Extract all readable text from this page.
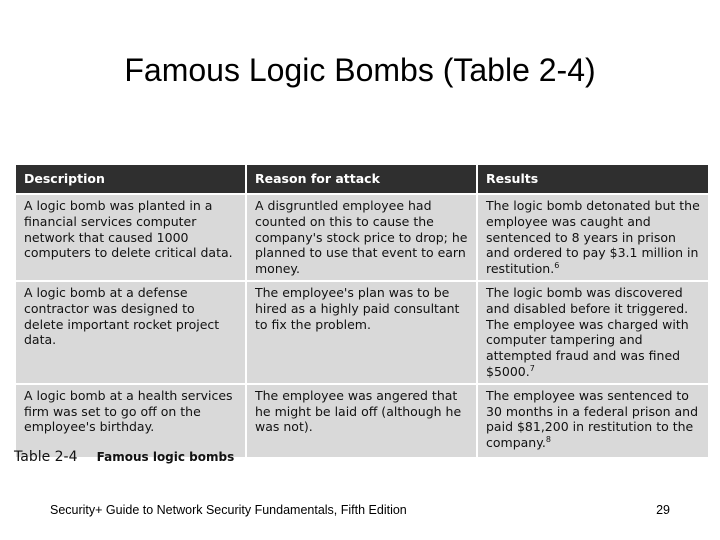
Famous Logic Bombs (Table 2-4)
Description	Reason for attack	Results
A logic bomb was planted in a financial services computer network that caused 1000 computers to delete critical data.	A disgruntled employee had counted on this to cause the company's stock price to drop; he planned to use that event to earn money.	The logic bomb detonated but the employee was caught and sentenced to 8 years in prison and ordered to pay $3.1 million in restitution.$^6$
A logic bomb at a defense contractor was designed to delete important rocket project data.	The employee's plan was to be hired as a highly paid consultant to fix the problem.	The logic bomb was discovered and disabled before it triggered. The employee was charged with computer tampering and attempted fraud and was fined $5000.$^7$
A logic bomb at a health services firm was set to go off on the employee's birthday.	The employee was angered that he might be laid off (although he was not).	The employee was sentenced to 30 months in a federal prison and paid $81,200 in restitution to the company.$^8$
Table 2-4 Famous logic bombs
Security+ Guide to Network Security Fundamentals, Fifth Edition	29
